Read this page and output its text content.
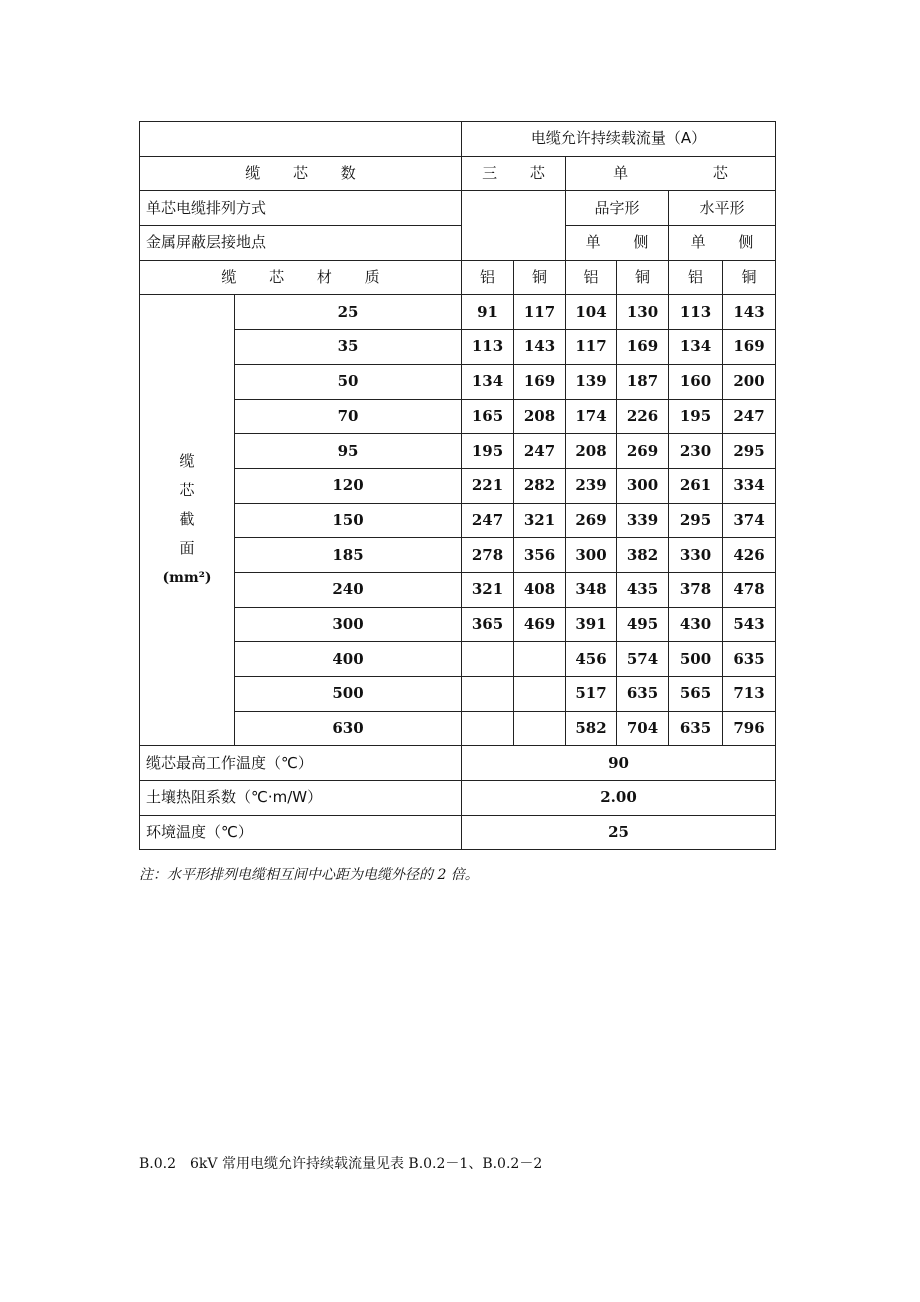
		电缆允许持续载流量（A）					
缆 芯 数		三 芯		单 芯			
单芯电缆排列方式				品字形		水平形	
金属屏蔽层接地点				单 侧		单 侧	
缆 芯 材 质		铝	铜	铝	铜	铝	铜
缆
芯
截
面
(mm²)	25	91	117	104	130	113	143
	35	113	143	117	169	134	169
	50	134	169	139	187	160	200
	70	165	208	174	226	195	247
	95	195	247	208	269	230	295
	120	221	282	239	300	261	334
	150	247	321	269	339	295	374
	185	278	356	300	382	330	426
	240	321	408	348	435	378	478
	300	365	469	391	495	430	543
	400			456	574	500	635
	500			517	635	565	713
	630			582	704	635	796
缆芯最高工作温度（℃）		90					
土壤热阻系数（℃·m/W）		2.00					
环境温度（℃）		25					
注：水平形排列电缆相互间中心距为电缆外径的 2 倍。
B.0.2　6kV 常用电缆允许持续载流量见表 B.0.2－1、B.0.2－2
